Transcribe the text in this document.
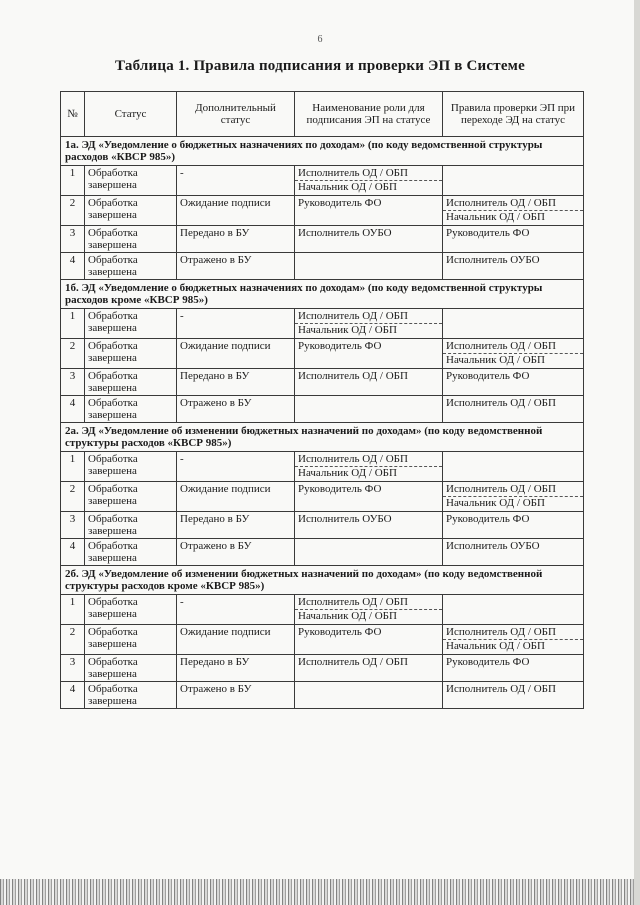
6
Таблица 1. Правила подписания и проверки ЭП в Системе
№	Статус	Дополнительный статус	Наименование роли для подписания ЭП на статусе	Правила проверки ЭП при переходе ЭД на статус
1а. ЭД «Уведомление о бюджетных назначениях по доходам» (по коду ведомственной структуры расходов «КВСР 985»)				
1	Обработка завершена	-	Исполнитель ОД / ОБП
Начальник ОД / ОБП	

2	Обработка завершена	Ожидание подписи	Руководитель ФО	Исполнитель ОД / ОБП
Начальник ОД / ОБП

3	Обработка завершена	Передано в БУ	Исполнитель ОУБО	Руководитель ФО

4	Обработка завершена	Отражено в БУ		Исполнитель ОУБО

1б. ЭД «Уведомление о бюджетных назначениях по доходам» (по коду ведомственной структуры расходов кроме «КВСР 985»)				
1	Обработка завершена	-	Исполнитель ОД / ОБП
Начальник ОД / ОБП	

2	Обработка завершена	Ожидание подписи	Руководитель ФО	Исполнитель ОД / ОБП
Начальник ОД / ОБП

3	Обработка завершена	Передано в БУ	Исполнитель ОД / ОБП	Руководитель ФО

4	Обработка завершена	Отражено в БУ		Исполнитель ОД / ОБП

2а. ЭД «Уведомление об изменении бюджетных назначений по доходам» (по коду ведомственной структуры расходов «КВСР 985»)				
1	Обработка завершена	-	Исполнитель ОД / ОБП
Начальник ОД / ОБП	

2	Обработка завершена	Ожидание подписи	Руководитель ФО	Исполнитель ОД / ОБП
Начальник ОД / ОБП

3	Обработка завершена	Передано в БУ	Исполнитель ОУБО	Руководитель ФО

4	Обработка завершена	Отражено в БУ		Исполнитель ОУБО

2б. ЭД «Уведомление об изменении бюджетных назначений по доходам» (по коду ведомственной структуры расходов кроме «КВСР 985»)				
1	Обработка завершена	-	Исполнитель ОД / ОБП
Начальник ОД / ОБП	

2	Обработка завершена	Ожидание подписи	Руководитель ФО	Исполнитель ОД / ОБП
Начальник ОД / ОБП

3	Обработка завершена	Передано в БУ	Исполнитель ОД / ОБП	Руководитель ФО

4	Обработка завершена	Отражено в БУ		Исполнитель ОД / ОБП
